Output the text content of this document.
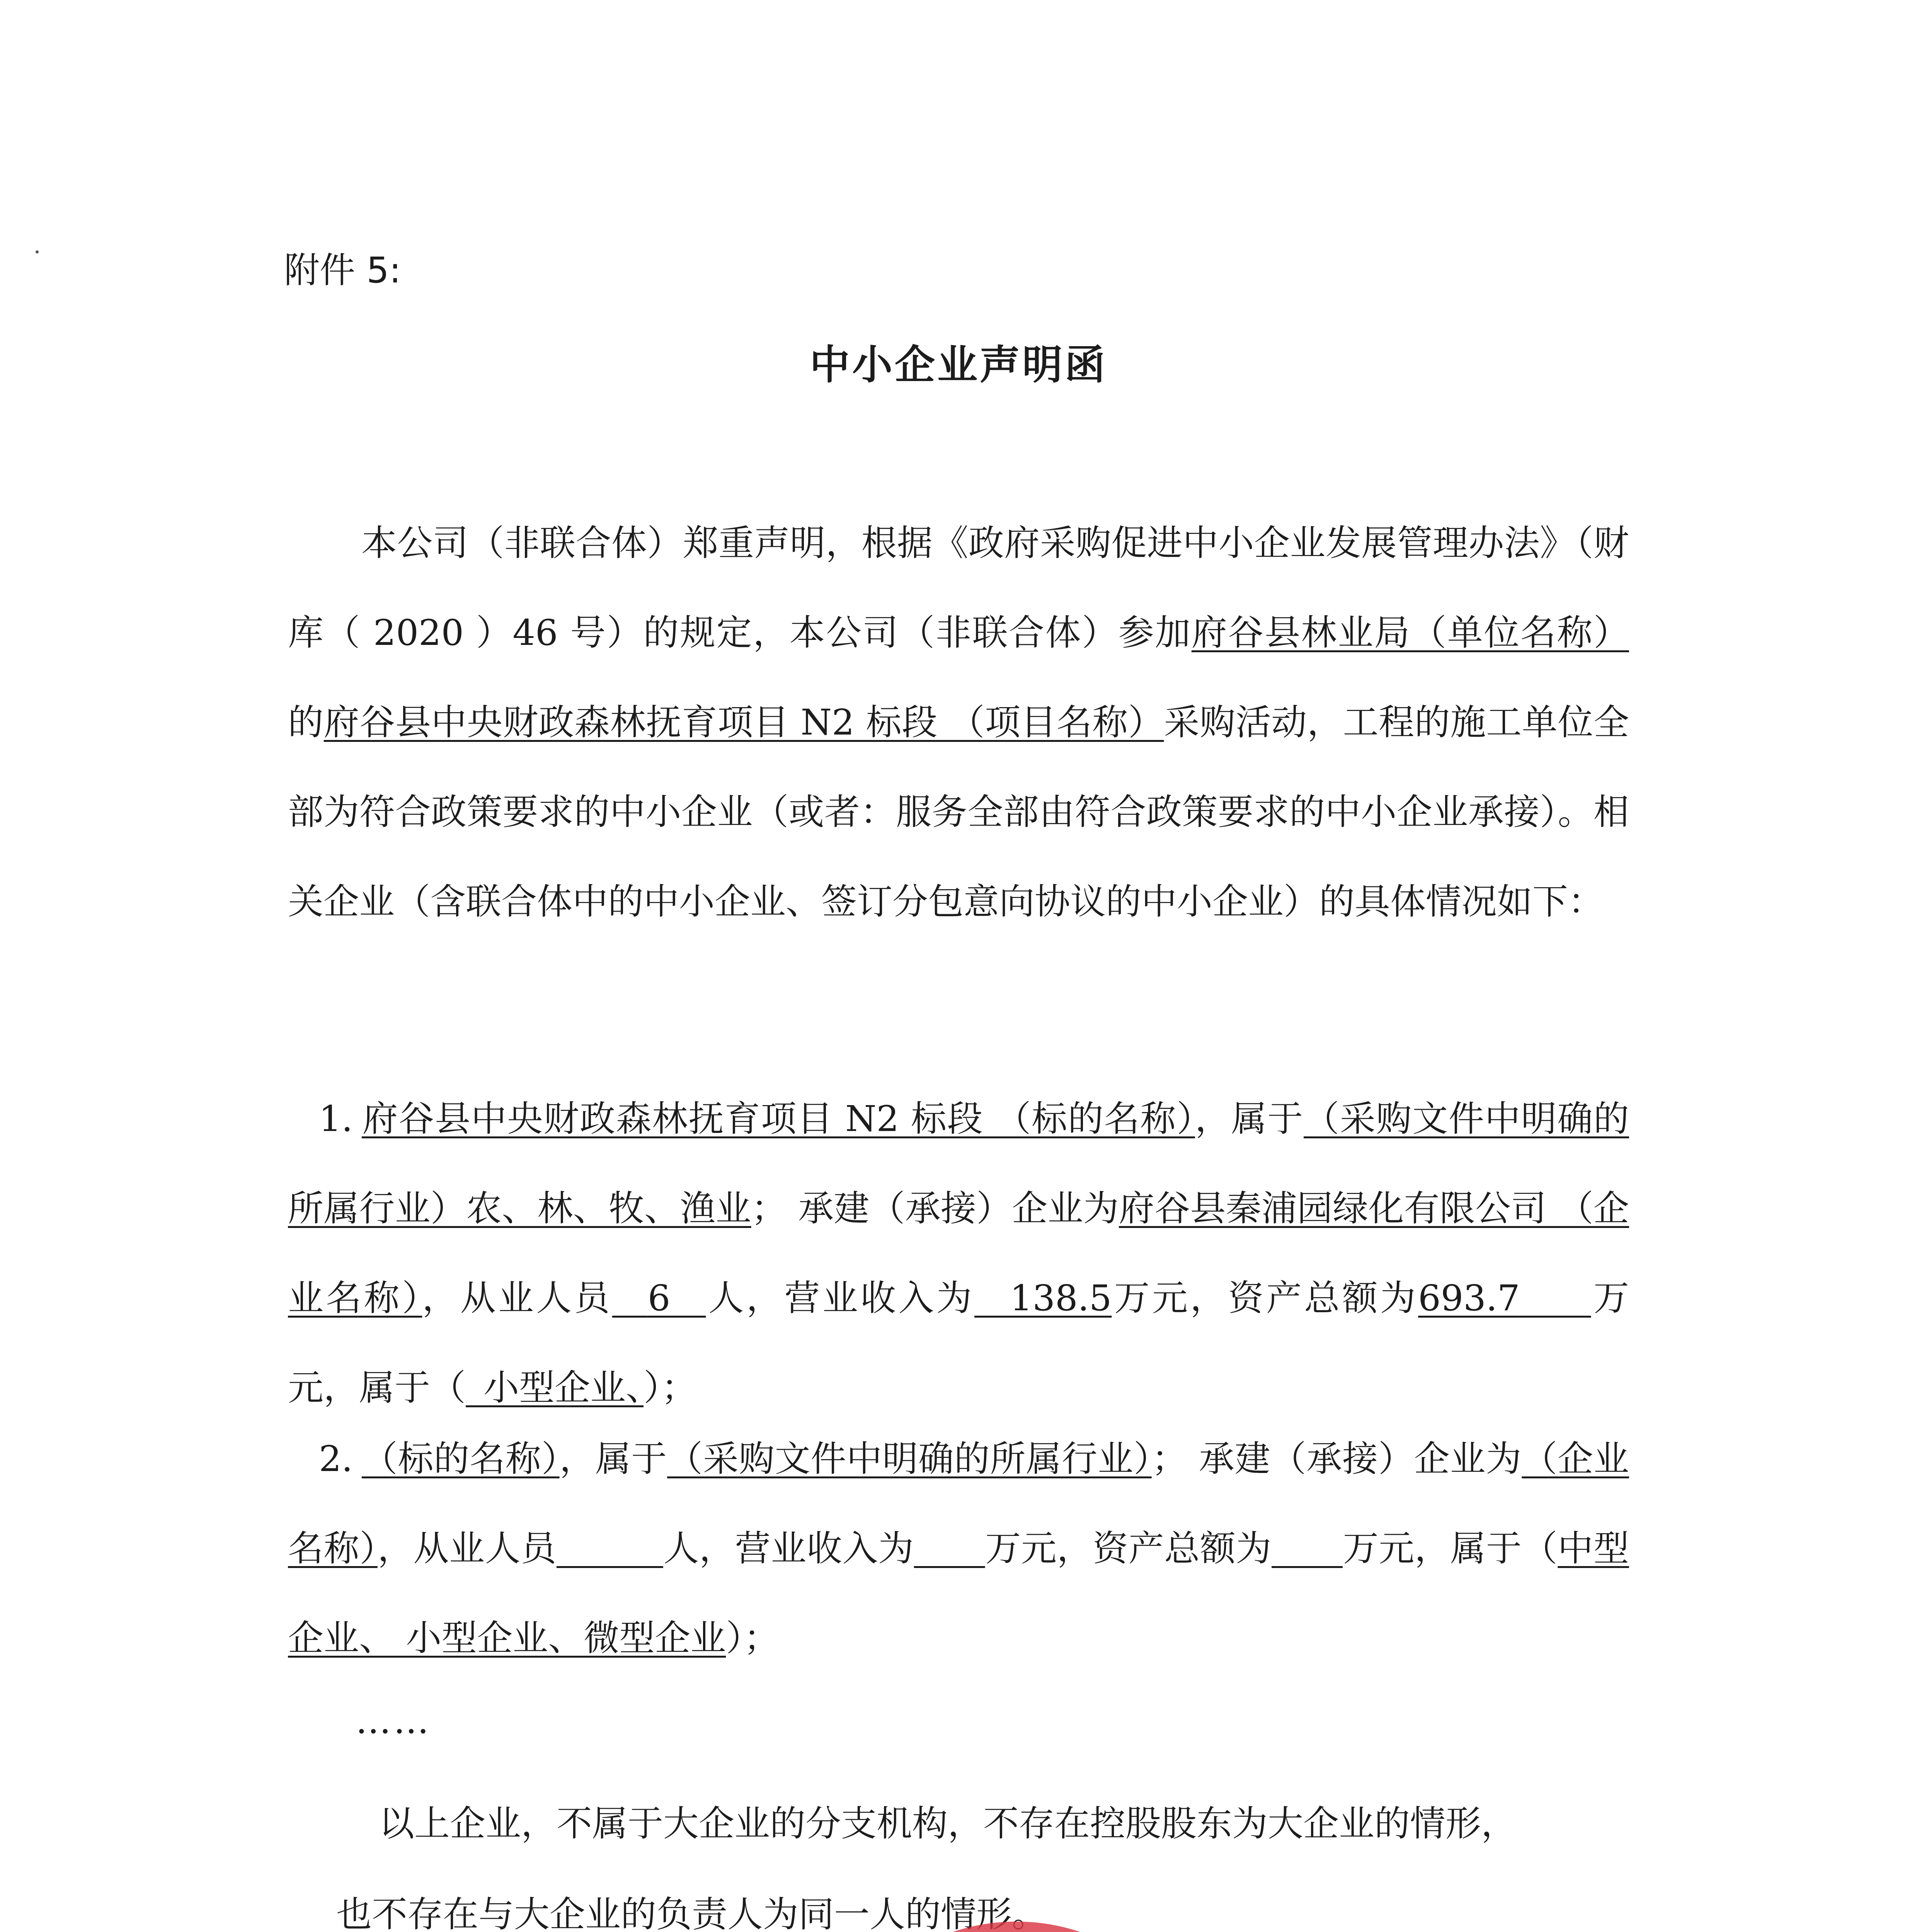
附件 5:
中小企业声明函

本公司（非联合体）郑重声明，根据《政府采购促进中小企业发展管理办法》（财库（ 2020 ）46 号）的规定，本公司（非联合体）参加府谷县林业局（单位名称）的府谷县中央财政森林抚育项目 N2 标段 （项目名称）采购活动，工程的施工单位全部为符合政策要求的中小企业（或者：服务全部由符合政策要求的中小企业承接）。相关企业（含联合体中的中小企业、签订分包意向协议的中小企业）的具体情况如下：

1.  府谷县中央财政森林抚育项目 N2 标段 （标的名称），属于（采购文件中明确的所属行业）农、林、牧、渔业； 承建（承接）企业为府谷县秦浦园绿化有限公司 （企业名称），从业人员  6  人，营业收入为  138.5万元，资产总额为693.7   万元，属于（  小型企业、）；

2.  （标的名称），属于（采购文件中明确的所属行业）； 承建（承接）企业为（企业名称），从业人员   	人，营业收入为   万元，资产总额为   万元，属于（中型企业、 小型企业、微型企业）；

……
以上企业，不属于大企业的分支机构，不存在控股股东为大企业的情形，
也不存在与大企业的负责人为同一人的情形。
